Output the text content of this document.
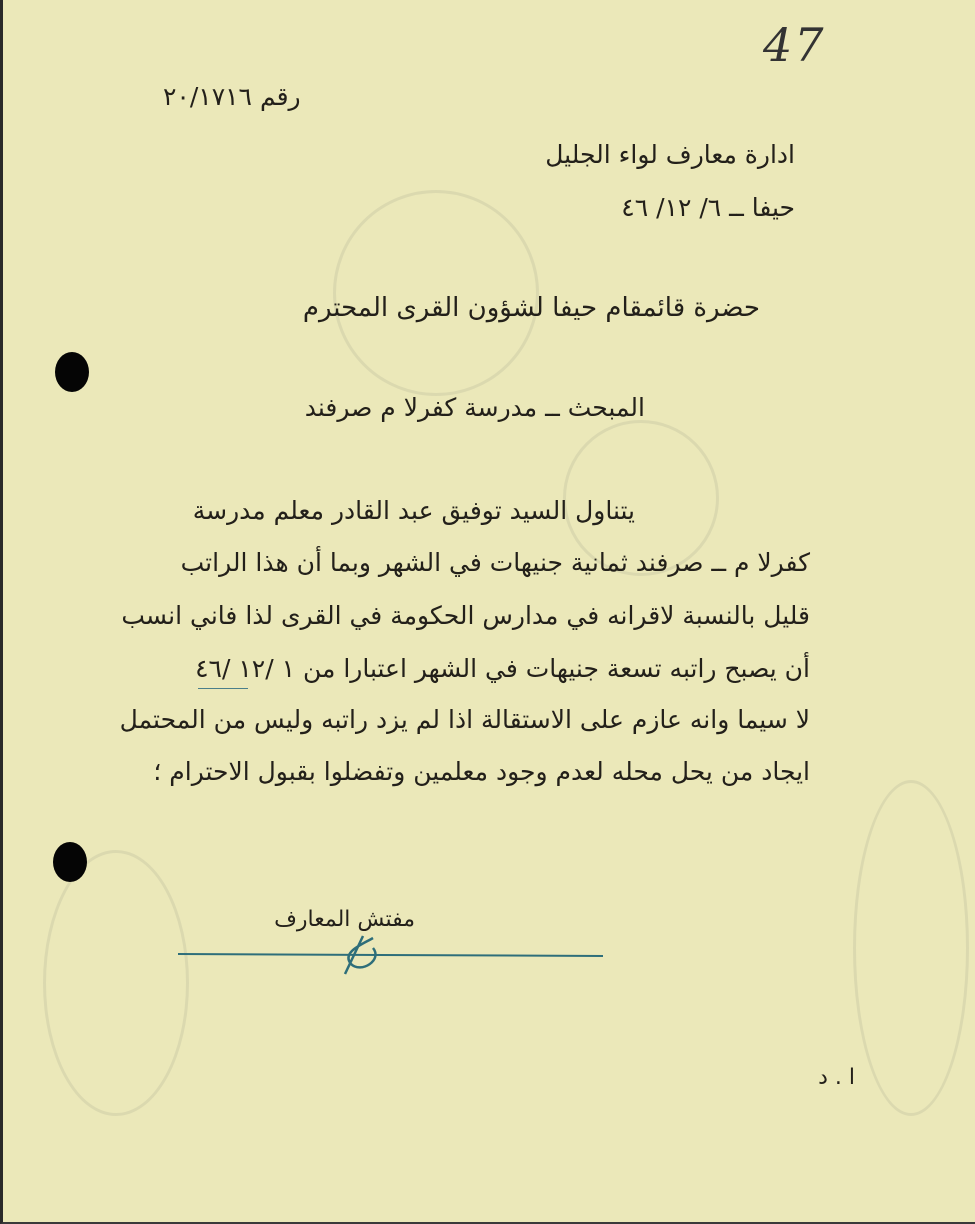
47
رقم ٢٠/١٧١٦
ادارة معارف لواء الجليل
حيفا ــ ٦/ ١٢/ ٤٦
حضرة قائمقام حيفا لشؤون القرى المحترم
المبحث ــ مدرسة كفرلا م صرفند
يتناول السيد توفيق عبد القادر معلم مدرسة
كفرلا م ــ صرفند ثمانية جنيهات في الشهر وبما أن هذا الراتب
قليل بالنسبة لاقرانه في مدارس الحكومة في القرى لذا فاني انسب
أن يصبح راتبه تسعة جنيهات في الشهر اعتبارا من ١ /١٢ /٤٦
لا سيما وانه عازم على الاستقالة اذا لم يزد راتبه وليس من المحتمل
ايجاد من يحل محله لعدم وجود معلمين وتفضلوا بقبول الاحترام ؛
مفتش المعارف
ا . د
